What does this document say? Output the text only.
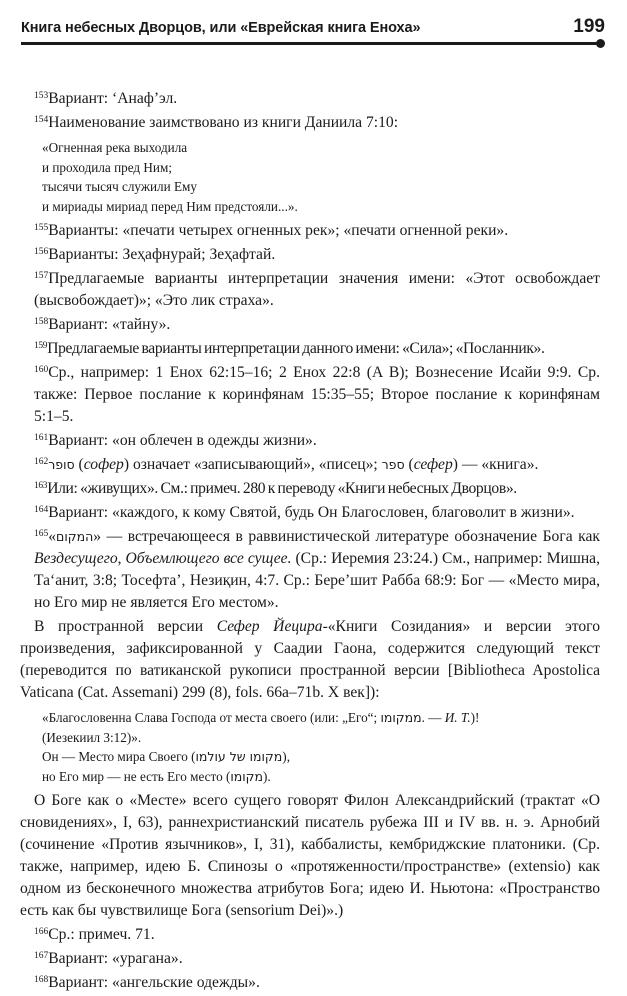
Книга небесных Дворцов, или «Еврейская книга Еноха»	199

$^{153}$Вариант: ‘Анаф’эл.

$^{154}$Наименование заимствовано из книги Даниила 7:10:

«Огненная река выходила
и проходила пред Ним;
тысячи тысяч служили Ему
и мириады мириад перед Ним предстояли...».

$^{155}$Варианты: «печати четырех огненных рек»; «печати огненной реки».

$^{156}$Варианты: Зеҳафнурай; Зеҳафтай.

$^{157}$Предлагаемые варианты интерпретации значения имени: «Этот освобождает (высвобождает)»; «Это лик страха».

$^{158}$Вариант: «тайну».

$^{159}$Предлагаемые варианты интерпретации данного имени: «Сила»; «Посланник».

$^{160}$Ср., например: 1 Енох 62:15–16; 2 Енох 22:8 (A B); Вознесение Исайи 9:9. Ср. также: Первое послание к коринфянам 15:35–55; Второе послание к коринфянам 5:1–5.

$^{161}$Вариант: «он облечен в одежды жизни».

$^{162}$סופר (софер) означает «записывающий», «писец»; ספר (сефер) — «книга».

$^{163}$Или: «живущих». См.: примеч. 280 к переводу «Книги небесных Дворцов».

$^{164}$Вариант: «каждого, к кому Святой, будь Он Благословен, благоволит в жизни».

$^{165}$«המקום» — встречающееся в раввинистической литературе обозначение Бога как Вездесущего, Объемлющего все сущее. (Ср.: Иеремия 23:24.) См., например: Мишна, Та‘анит, 3:8; Тосефта’, Незиқин, 4:7. Ср.: Бере’шит Рабба 68:9: Бог — «Место мира, но Его мир не является Его местом».

В пространной версии Сефер Йецира-«Книги Созидания» и версии этого произведения, зафиксированной у Саадии Гаона, содержится следующий текст (переводится по ватиканской рукописи пространной версии [Bibliotheca Apostolica Vaticana (Cat. Assemani) 299 (8), fols. 66a–71b. X век]):

«Благословенна Слава Господа от места своего (или: „Его“; ממקומו. — И. Т.)!
(Иезекиил 3:12)».
Он — Место мира Своего (מקומו של עולמו),
но Его мир — не есть Его место (מקומו).

О Боге как о «Месте» всего сущего говорят Филон Александрийский (трактат «О сновидениях», I, 63), раннехристианский писатель рубежа III и IV вв. н. э. Арнобий (сочинение «Против язычников», I, 31), каббалисты, кембриджские платоники. (Ср. также, например, идею Б. Спинозы о «протяженности/пространстве» (extensio) как одном из бесконечного множества атрибутов Бога; идею И. Ньютона: «Пространство есть как бы чувствилище Бога (sensorium Dei)».)

$^{166}$Ср.: примеч. 71.

$^{167}$Вариант: «урагана».

$^{168}$Вариант: «ангельские одежды».
